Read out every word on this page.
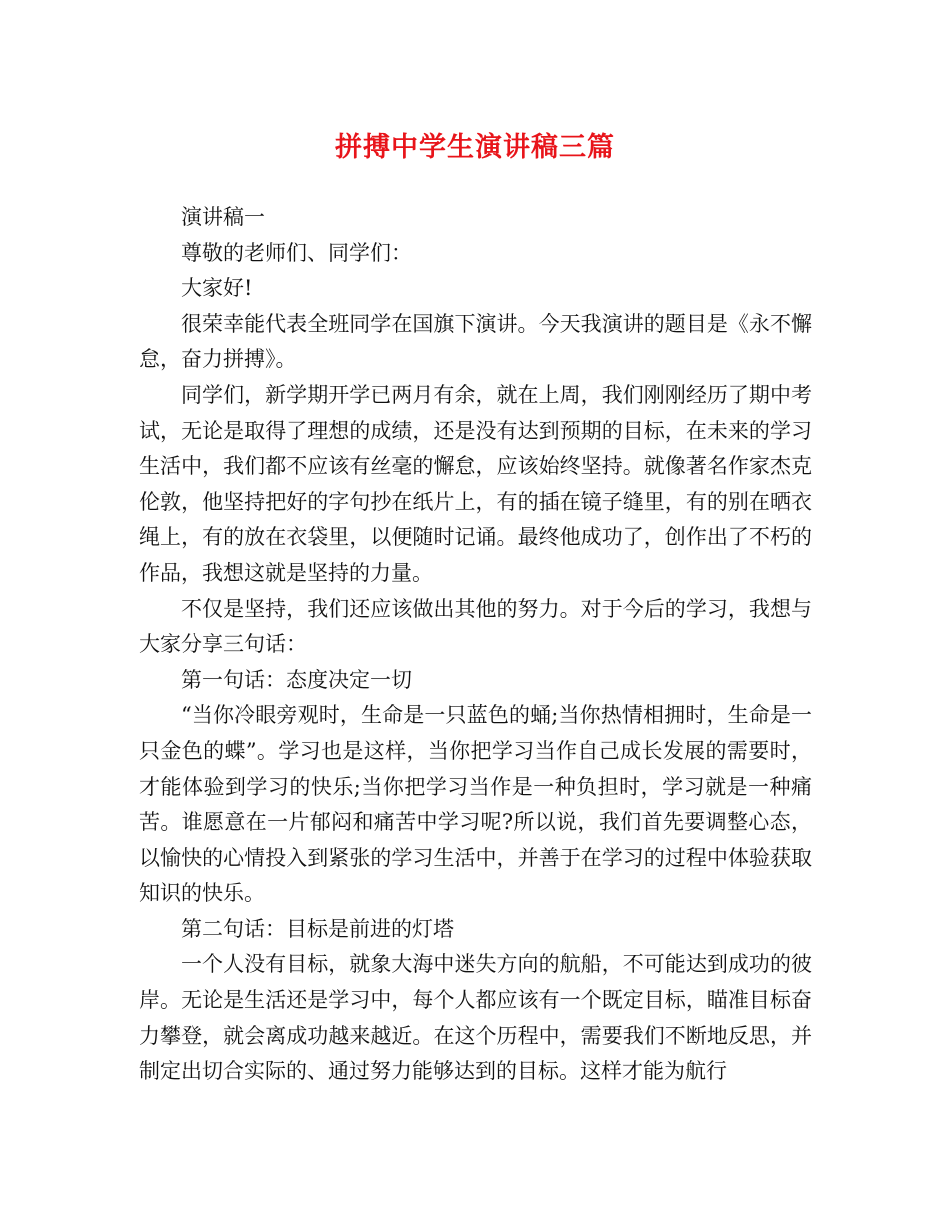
拼搏中学生演讲稿三篇

演讲稿一

尊敬的老师们、同学们：

大家好!

很荣幸能代表全班同学在国旗下演讲。今天我演讲的题目是《永不懈怠，奋力拼搏》。

同学们，新学期开学已两月有余，就在上周，我们刚刚经历了期中考试，无论是取得了理想的成绩，还是没有达到预期的目标，在未来的学习生活中，我们都不应该有丝毫的懈怠，应该始终坚持。就像著名作家杰克伦敦，他坚持把好的字句抄在纸片上，有的插在镜子缝里，有的别在晒衣绳上，有的放在衣袋里，以便随时记诵。最终他成功了，创作出了不朽的作品，我想这就是坚持的力量。

不仅是坚持，我们还应该做出其他的努力。对于今后的学习，我想与大家分享三句话：

第一句话：态度决定一切

“当你冷眼旁观时，生命是一只蓝色的蛹;当你热情相拥时，生命是一只金色的蝶”。学习也是这样，当你把学习当作自己成长发展的需要时，才能体验到学习的快乐;当你把学习当作是一种负担时，学习就是一种痛苦。谁愿意在一片郁闷和痛苦中学习呢?所以说，我们首先要调整心态，以愉快的心情投入到紧张的学习生活中，并善于在学习的过程中体验获取知识的快乐。

第二句话：目标是前进的灯塔

一个人没有目标，就象大海中迷失方向的航船，不可能达到成功的彼岸。无论是生活还是学习中，每个人都应该有一个既定目标，瞄准目标奋力攀登，就会离成功越来越近。在这个历程中，需要我们不断地反思，并制定出切合实际的、通过努力能够达到的目标。这样才能为航行
